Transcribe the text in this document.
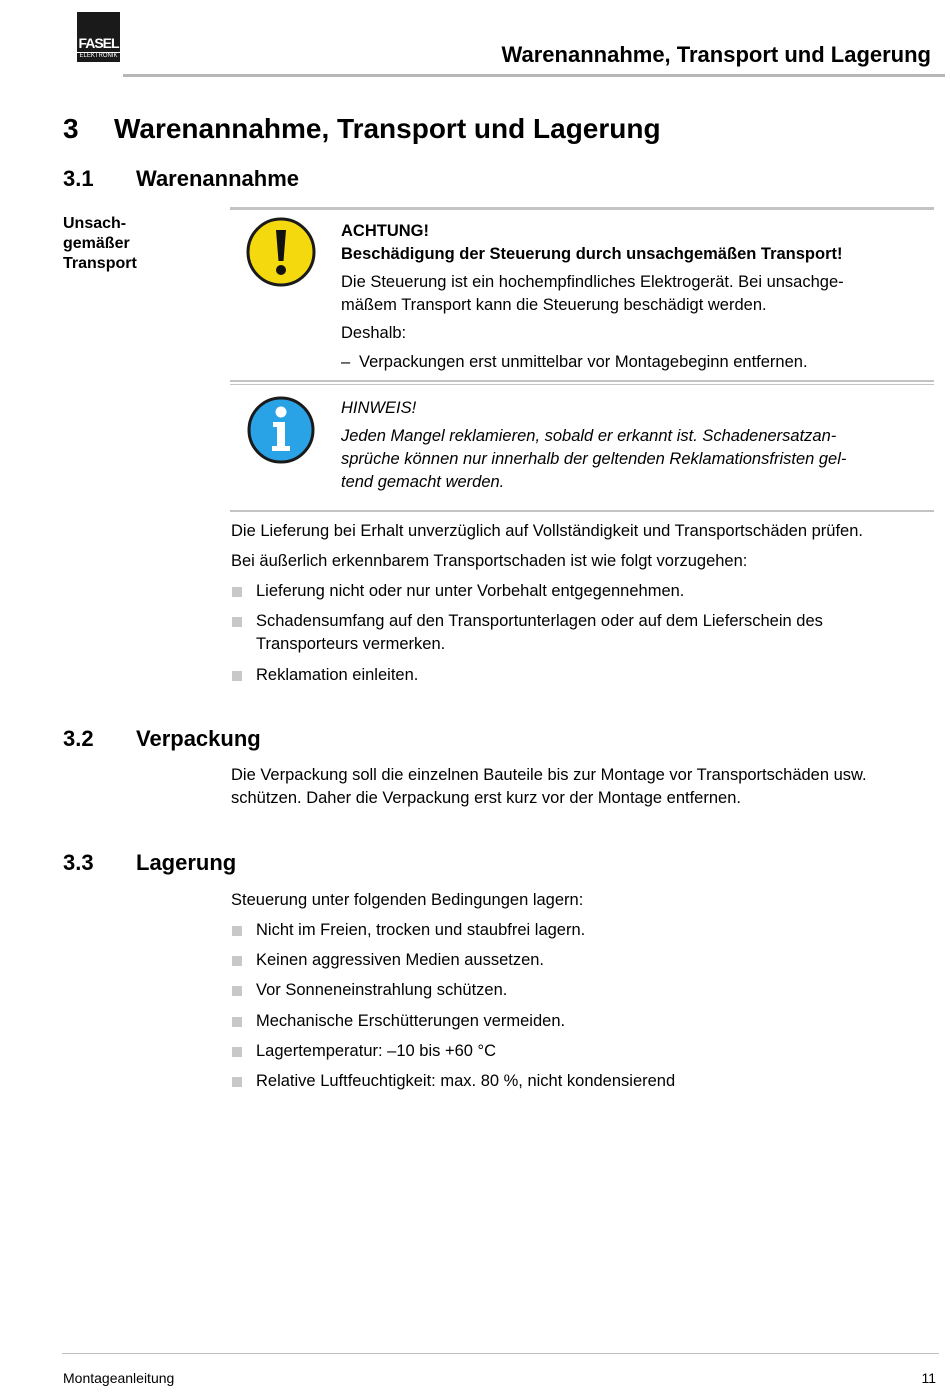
FASEL
ELEKTRONIK	Warenannahme, Transport und Lagerung
3 Warenannahme, Transport und Lagerung
3.1 Warenannahme
Unsach-
gemäßer
Transport
ACHTUNG!
Beschädigung der Steuerung durch unsachgemäßen Transport!
Die Steuerung ist ein hochempfindliches Elektrogerät. Bei unsachge-
mäßem Transport kann die Steuerung beschädigt werden.
Deshalb:
– Verpackungen erst unmittelbar vor Montagebeginn entfernen.
HINWEIS!
Jeden Mangel reklamieren, sobald er erkannt ist. Schadenersatzan-
sprüche können nur innerhalb der geltenden Reklamationsfristen gel-
tend gemacht werden.
Die Lieferung bei Erhalt unverzüglich auf Vollständigkeit und Transportschäden prüfen.
Bei äußerlich erkennbarem Transportschaden ist wie folgt vorzugehen:
Lieferung nicht oder nur unter Vorbehalt entgegennehmen.
Schadensumfang auf den Transportunterlagen oder auf dem Lieferschein des
Transporteurs vermerken.
Reklamation einleiten.
3.2 Verpackung
Die Verpackung soll die einzelnen Bauteile bis zur Montage vor Transportschäden usw.
schützen. Daher die Verpackung erst kurz vor der Montage entfernen.
3.3 Lagerung
Steuerung unter folgenden Bedingungen lagern:
Nicht im Freien, trocken und staubfrei lagern.
Keinen aggressiven Medien aussetzen.
Vor Sonneneinstrahlung schützen.
Mechanische Erschütterungen vermeiden.
Lagertemperatur: –10 bis +60 °C
Relative Luftfeuchtigkeit: max. 80 %, nicht kondensierend
Montageanleitung	11
